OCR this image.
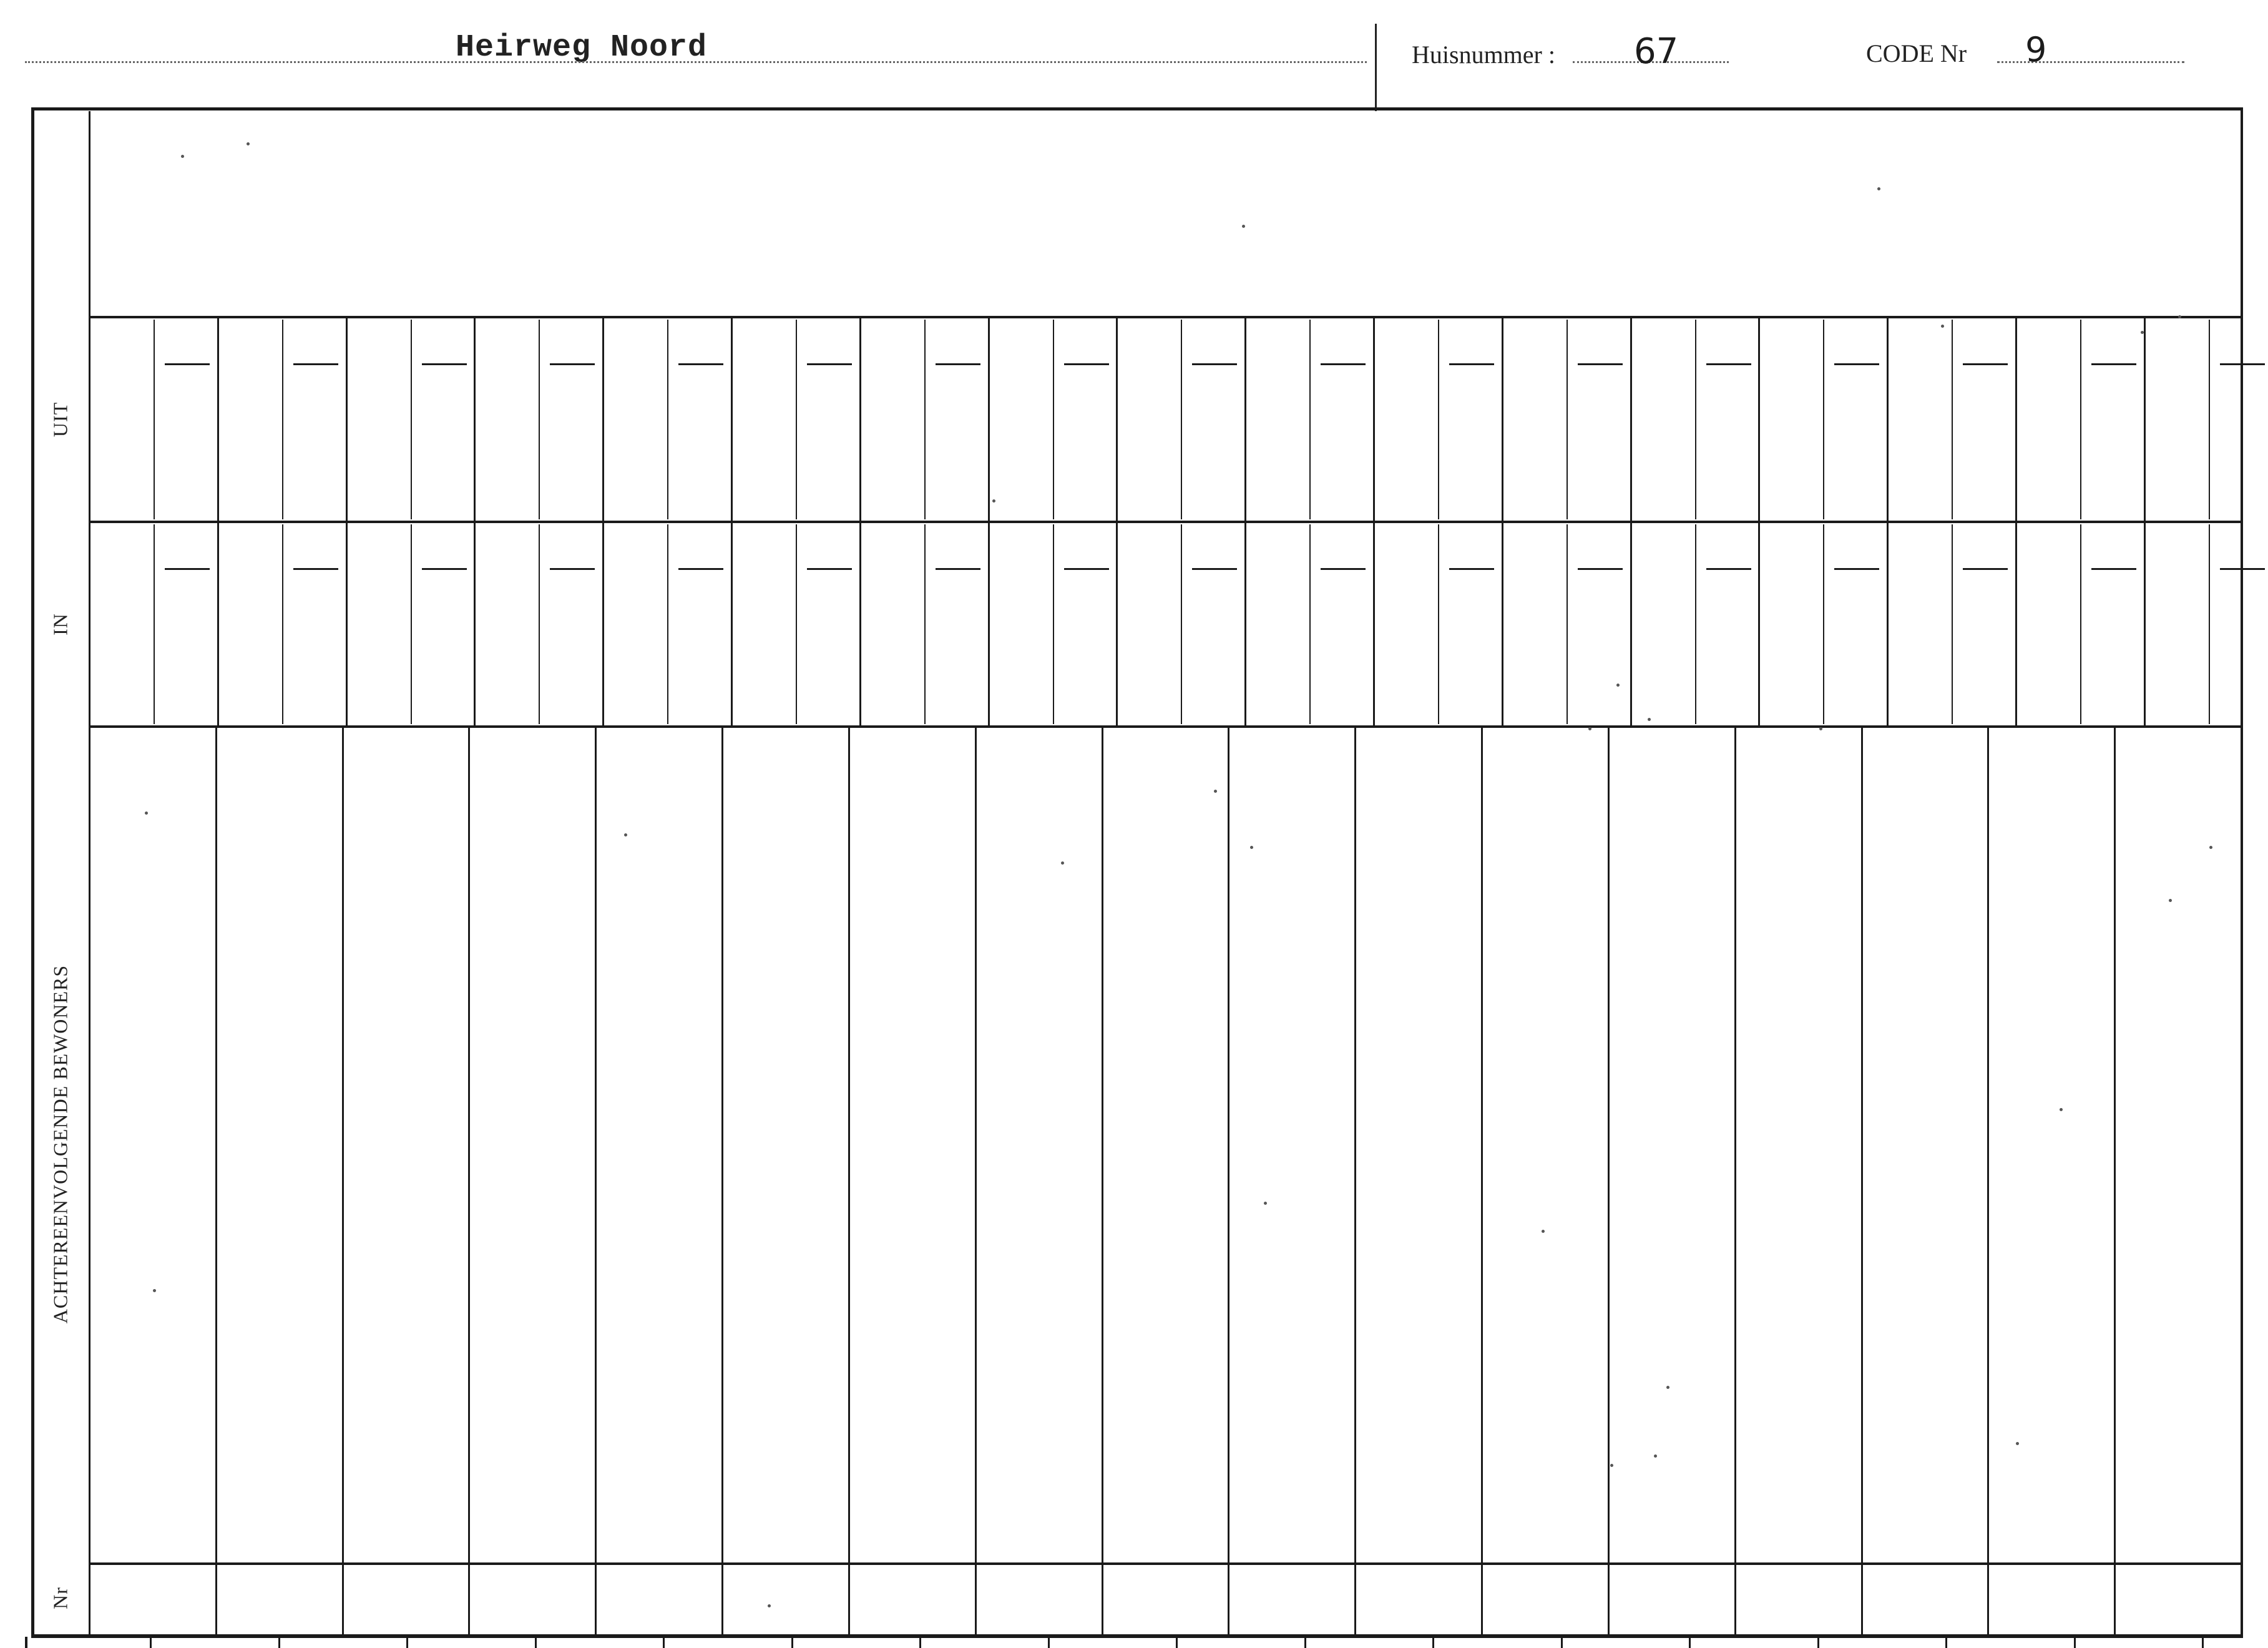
Heirweg Noord	Huisnummer : 67	CODE Nr 9
UIT
IN
ACHTEREENVOLGENDE BEWONERS
Nr
